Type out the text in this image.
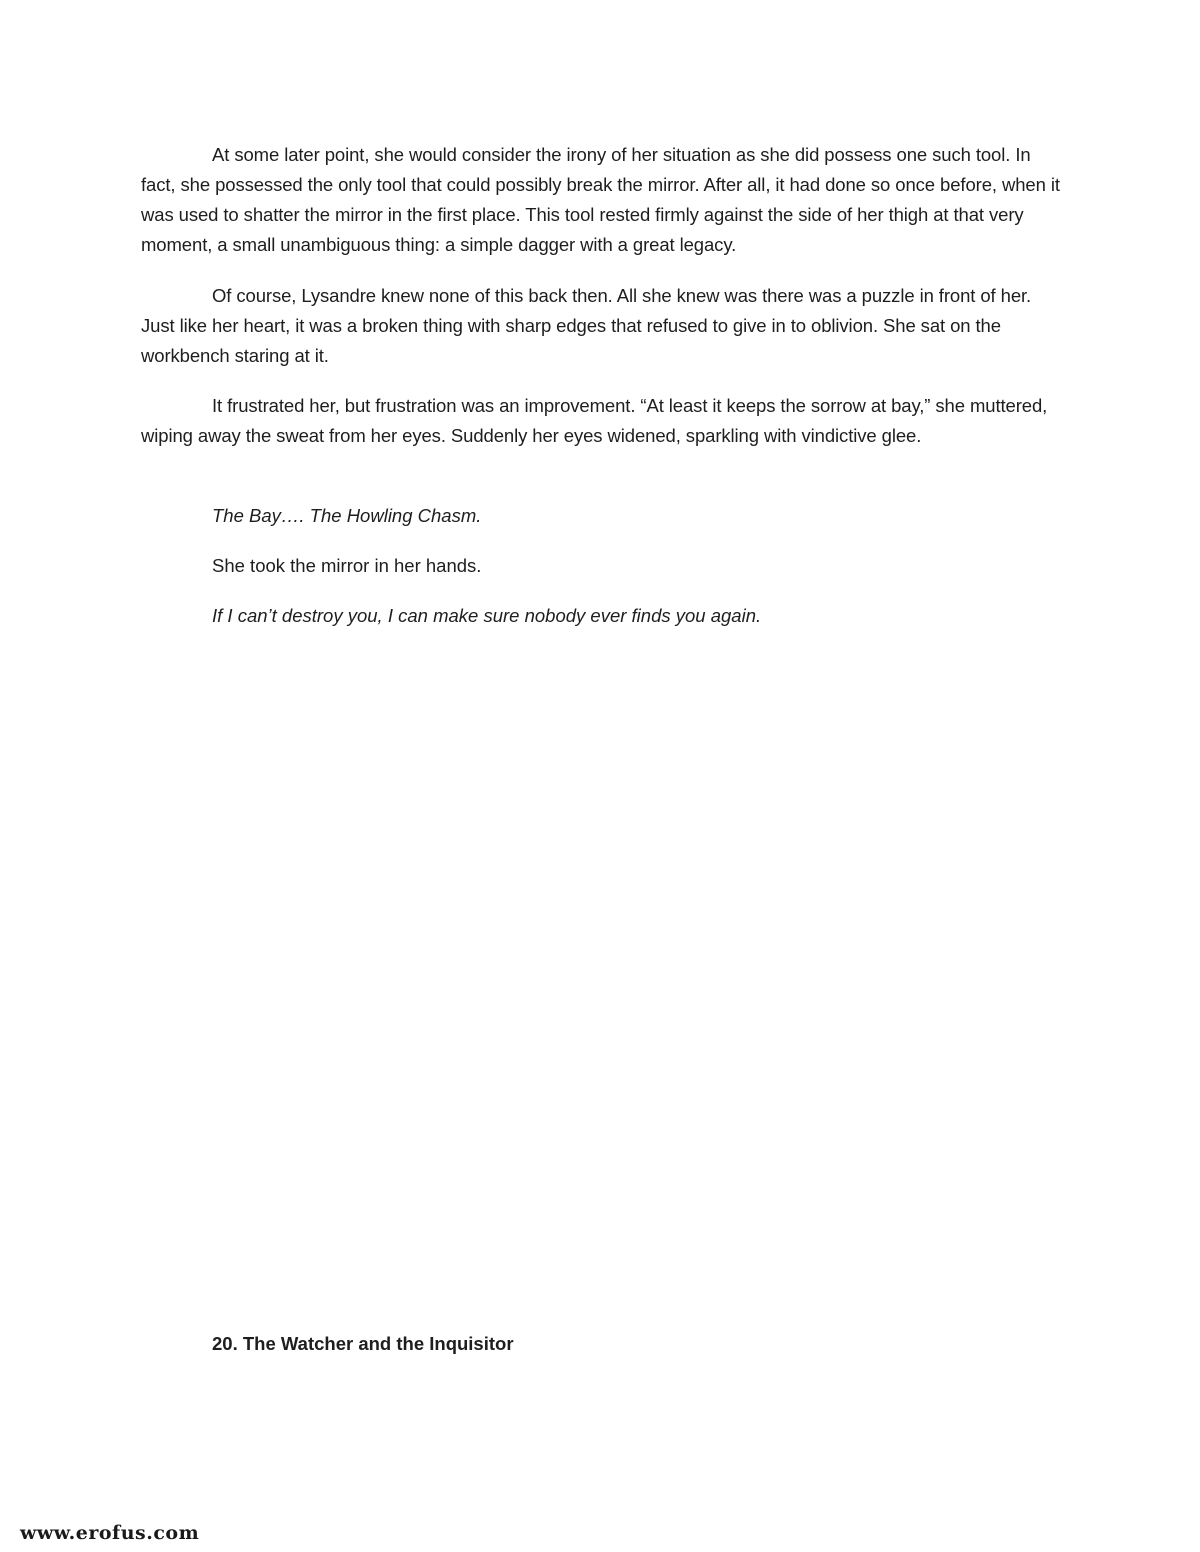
At some later point, she would consider the irony of her situation as she did possess one such tool. In fact, she possessed the only tool that could possibly break the mirror. After all, it had done so once before, when it was used to shatter the mirror in the first place. This tool rested firmly against the side of her thigh at that very moment, a small unambiguous thing: a simple dagger with a great legacy.

Of course, Lysandre knew none of this back then. All she knew was there was a puzzle in front of her. Just like her heart, it was a broken thing with sharp edges that refused to give in to oblivion. She sat on the workbench staring at it.

It frustrated her, but frustration was an improvement. “At least it keeps the sorrow at bay,” she muttered, wiping away the sweat from her eyes. Suddenly her eyes widened, sparkling with vindictive glee.

The Bay…. The Howling Chasm.
She took the mirror in her hands.
If I can’t destroy you, I can make sure nobody ever finds you again.
20. The Watcher and the Inquisitor
www.erofus.com
